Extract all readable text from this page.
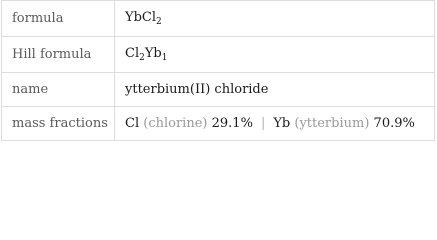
formula	YbCl$_2$
Hill formula	$Cl_2Yb_1$
name	ytterbium(II) chloride
mass fractions	Cl (chlorine) 29.1% | Yb (ytterbium) 70.9%
